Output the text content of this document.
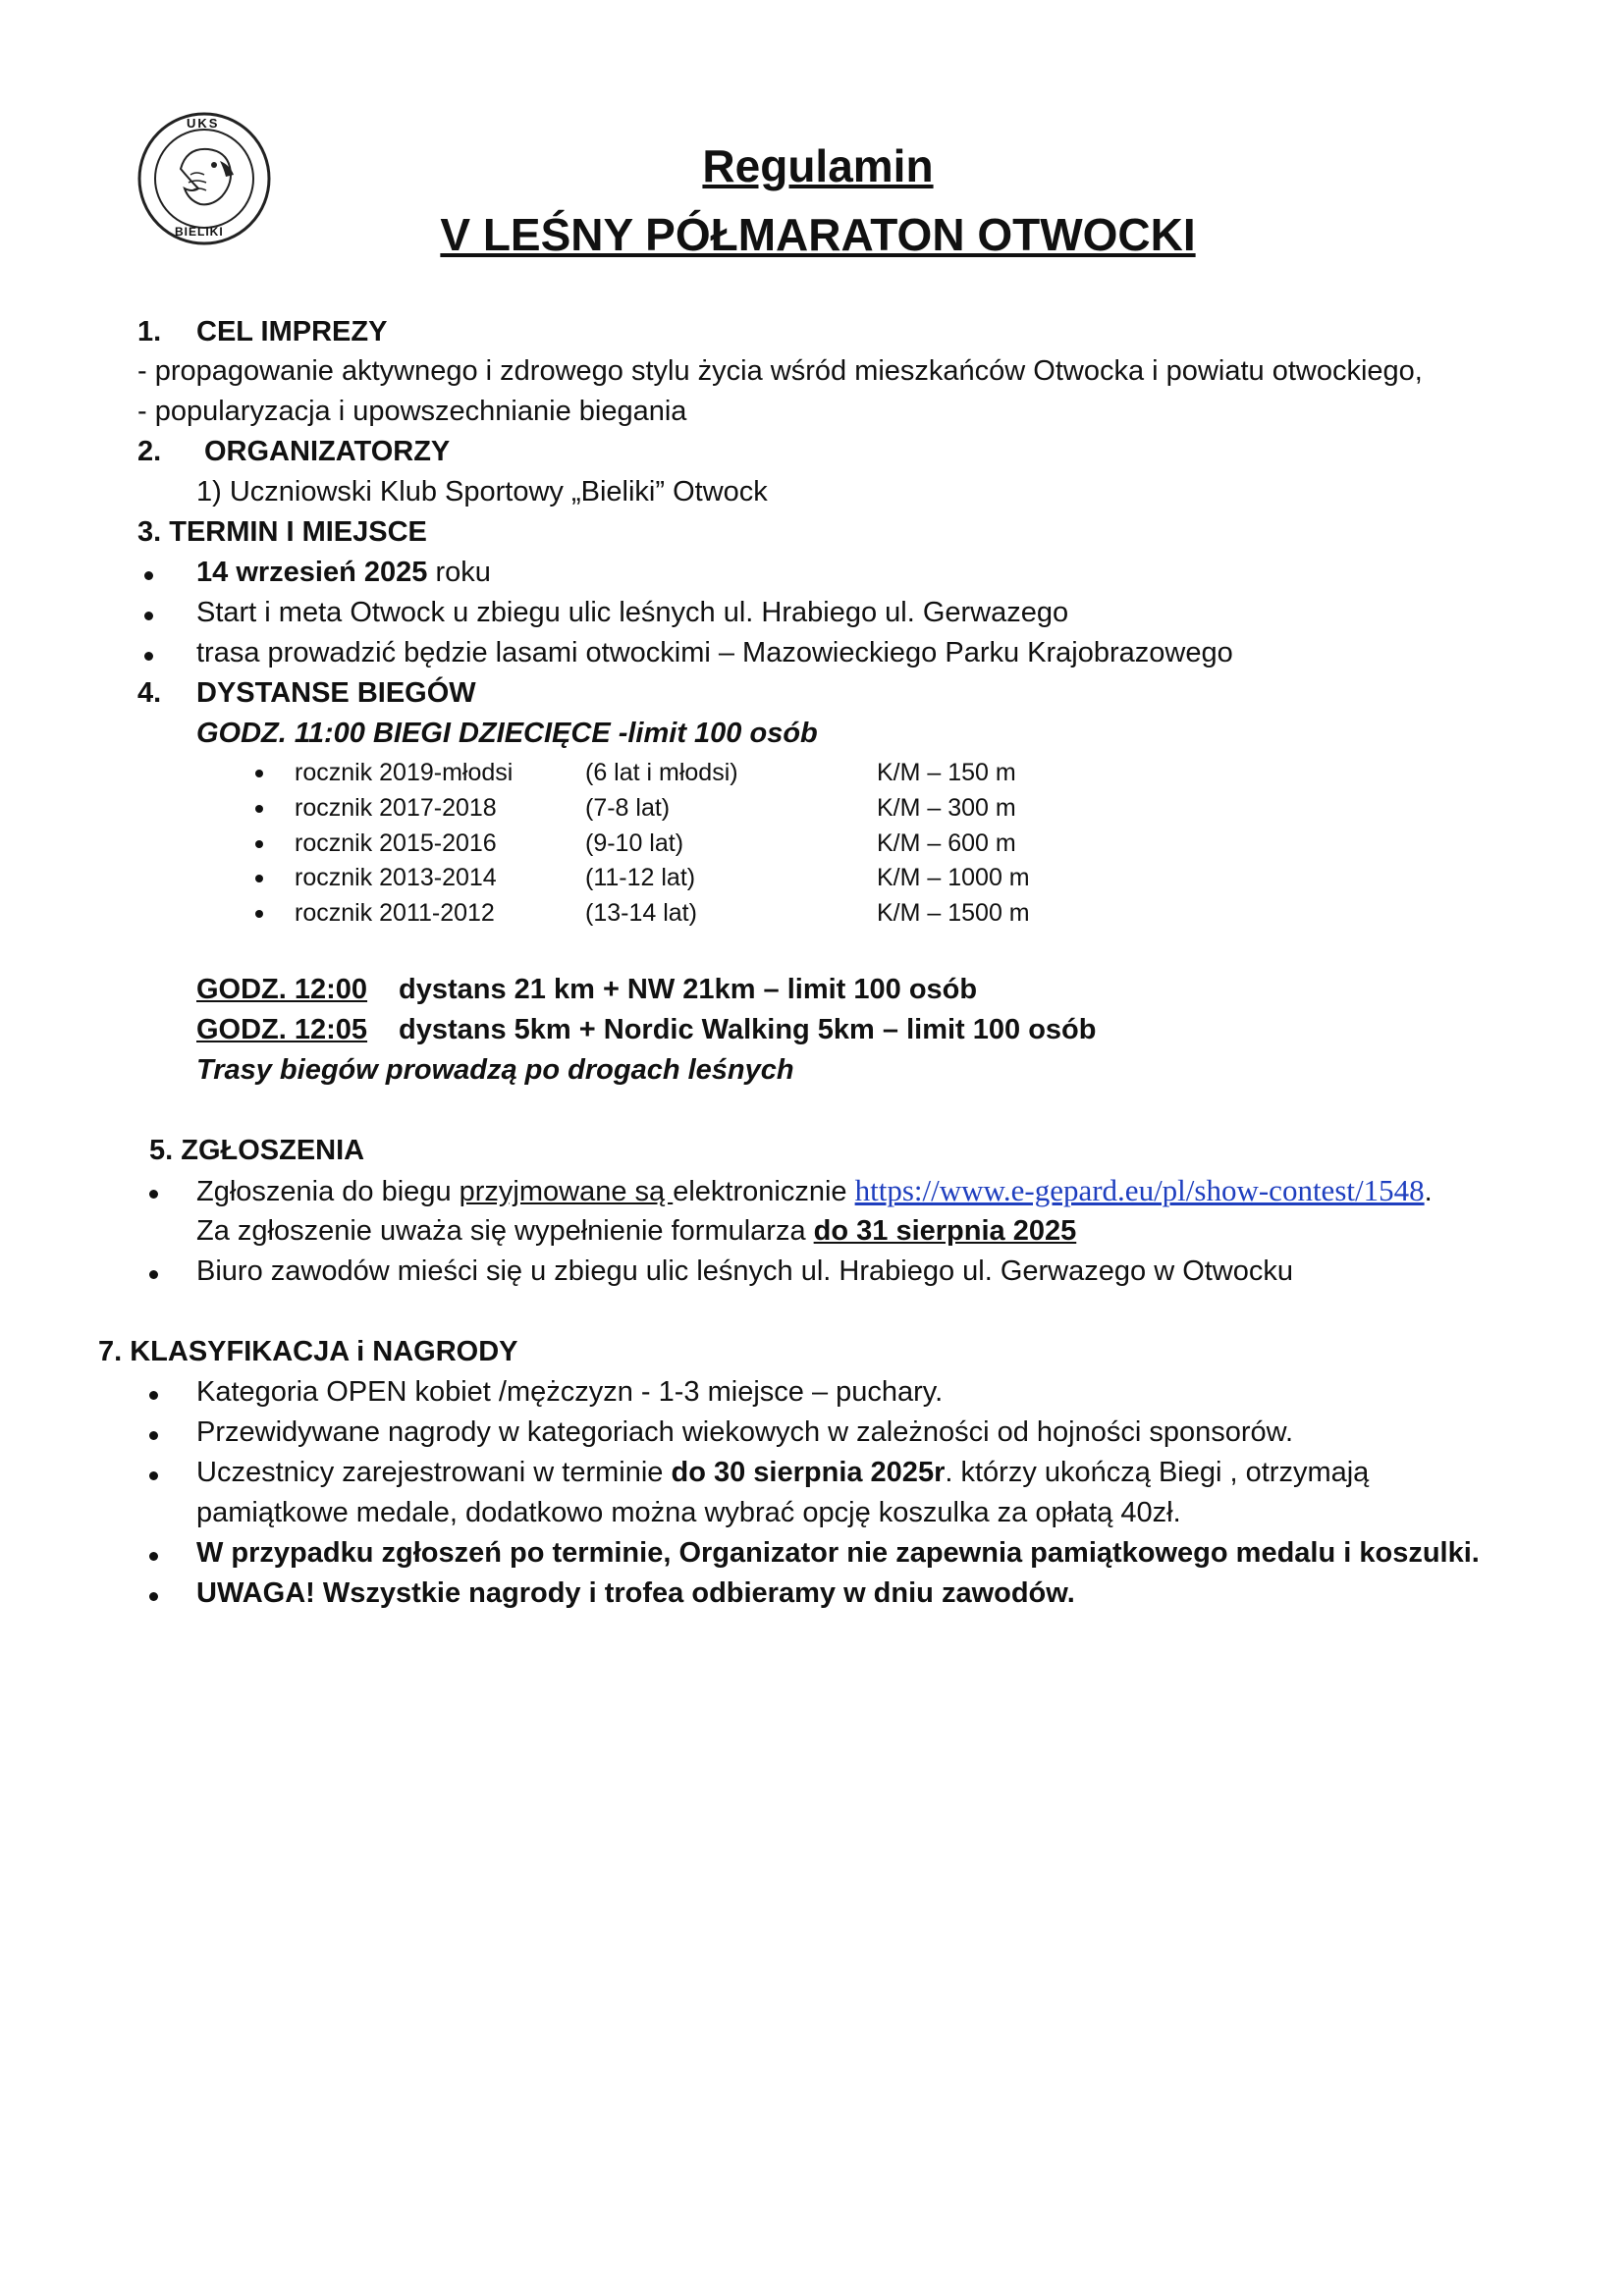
UKS
BIELIKI
Regulamin
V LEŚNY PÓŁMARATON OTWOCKI
1. CEL IMPREZY
- propagowanie aktywnego i zdrowego stylu życia wśród mieszkańców Otwocka i powiatu otwockiego,
- popularyzacja i upowszechnianie biegania
2. ORGANIZATORZY
1) Uczniowski Klub Sportowy „Bieliki” Otwock
3. TERMIN I MIEJSCE
14 wrzesień 2025 roku
Start i meta Otwock u zbiegu ulic leśnych ul. Hrabiego ul. Gerwazego
trasa prowadzić będzie lasami otwockimi – Mazowieckiego Parku Krajobrazowego
4. DYSTANSE BIEGÓW
GODZ. 11:00 BIEGI DZIECIĘCE -limit 100 osób
rocznik 2019-młodsi	(6 lat i młodsi)	K/M – 150 m
rocznik 2017-2018	(7-8 lat)	K/M – 300 m
rocznik 2015-2016	(9-10 lat)	K/M – 600 m
rocznik 2013-2014	(11-12 lat)	K/M – 1000 m
rocznik 2011-2012	(13-14 lat)	K/M – 1500 m
GODZ. 12:00 dystans 21 km + NW 21km – limit 100 osób
GODZ. 12:05 dystans 5km + Nordic Walking 5km – limit 100 osób
Trasy biegów prowadzą po drogach leśnych
5. ZGŁOSZENIA
Zgłoszenia do biegu przyjmowane są elektronicznie https://www.e-gepard.eu/pl/show-contest/1548.
Za zgłoszenie uważa się wypełnienie formularza do 31 sierpnia 2025
Biuro zawodów mieści się u zbiegu ulic leśnych ul. Hrabiego ul. Gerwazego w Otwocku
7. KLASYFIKACJA i NAGRODY
Kategoria OPEN kobiet /mężczyzn - 1-3 miejsce – puchary.
Przewidywane nagrody w kategoriach wiekowych w zależności od hojności sponsorów.
Uczestnicy zarejestrowani w terminie do 30 sierpnia 2025r. którzy ukończą Biegi , otrzymają
pamiątkowe medale, dodatkowo można wybrać opcję koszulka za opłatą 40zł.
W przypadku zgłoszeń po terminie, Organizator nie zapewnia pamiątkowego medalu i koszulki.
UWAGA! Wszystkie nagrody i trofea odbieramy w dniu zawodów.
